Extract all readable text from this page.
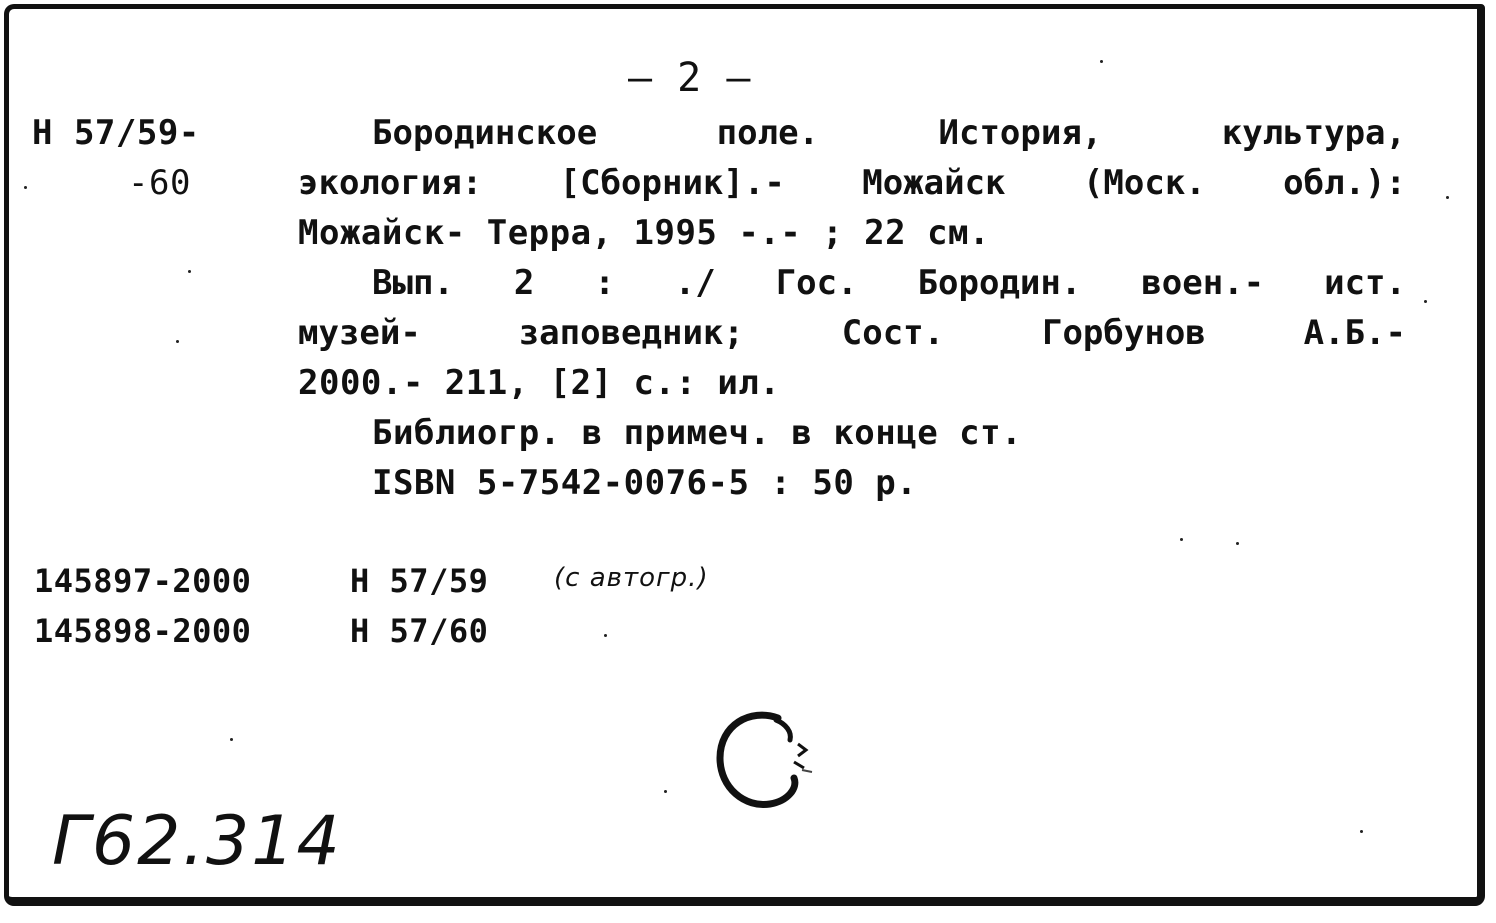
— 2 —
Н 57/59-
-60
Бородинское поле. История, культура,
экология: [Сборник].- Можайск (Моск. обл.):
Можайск- Терра, 1995 -.- ; 22 см.
Вып. 2 : ./ Гос. Бородин. воен.- ист.
музей- заповедник; Сост. Горбунов А.Б.-
2000.- 211, [2] с.: ил.
Библиогр. в примеч. в конце ст.
ISBN 5-7542-0076-5 : 50 р.
145897-2000	Н 57/59	(с автогр.)
145898-2000	Н 57/60
Г62.314
